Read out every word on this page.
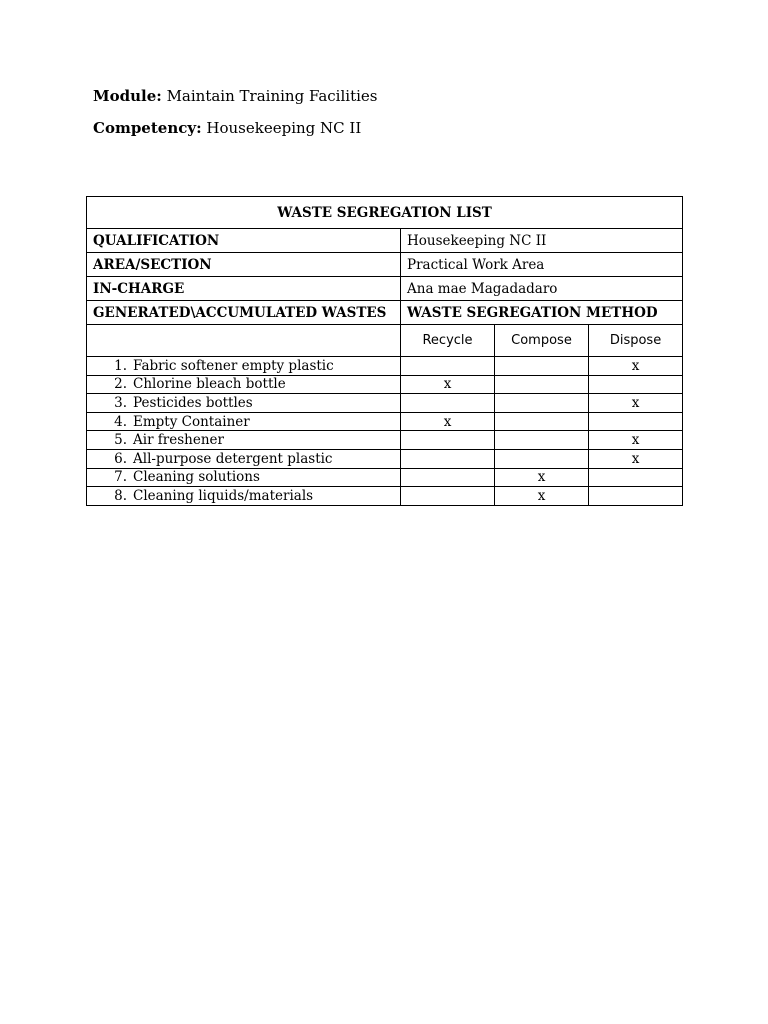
Module: Maintain Training Facilities
Competency: Housekeeping NC II
WASTE SEGREGATION LIST			
QUALIFICATION	Housekeeping NC II		
AREA/SECTION	Practical Work Area		
IN-CHARGE	Ana mae Magadadaro		
GENERATED\ACCUMULATED WASTES	WASTE SEGREGATION METHOD		
	Recycle	Compose	Dispose
1. Fabric softener empty plastic			x
2. Chlorine bleach bottle	x		
3. Pesticides bottles			x
4. Empty Container	x		
5. Air freshener			x
6. All-purpose detergent plastic			x
7. Cleaning solutions		x	
8. Cleaning liquids/materials		x	
